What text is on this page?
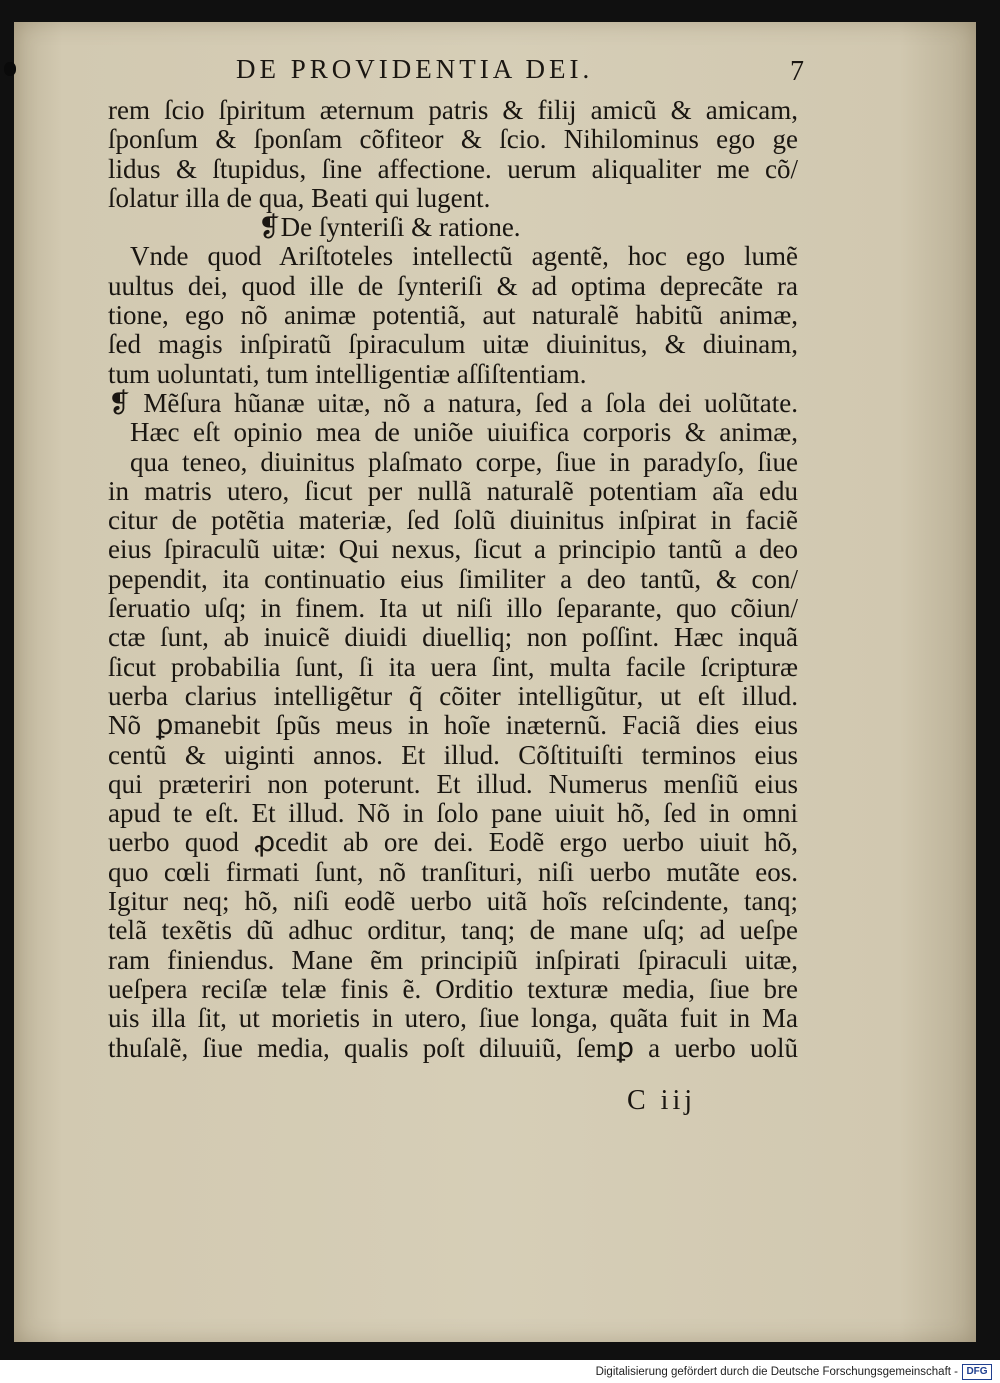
DE PROVIDENTIA DEI.	7
rem ſcio ſpiritum æternum patris & filij amicũ & amicam,
ſponſum & ſponſam cõfiteor & ſcio. Nihilominus ego ge
lidus & ſtupidus, ſine affectione. uerum aliqualiter me cõ/
ſolatur illa de qua, Beati qui lugent.
❡De ſynteriſi & ratione.
Vnde quod Ariſtoteles intellectũ agentẽ, hoc ego lumẽ
uultus dei, quod ille de ſynteriſi & ad optima deprecãte ra
tione, ego nõ animæ potentiã, aut naturalẽ habitũ animæ,
ſed magis inſpiratũ ſpiraculum uitæ diuinitus, & diuinam,
tum uoluntati, tum intelligentiæ aſſiſtentiam.
❡ Mẽſura hũanæ uitæ, nõ a natura, ſed a ſola dei uolũtate.
Hæc eſt opinio mea de uniõe uiuifica corporis & animæ,
qua teneo, diuinitus plaſmato corpe, ſiue in paradyſo, ſiue
in matris utero, ſicut per nullã naturalẽ potentiam aĩa edu
citur de potẽtia materiæ, ſed ſolũ diuinitus inſpirat in faciẽ
eius ſpiraculũ uitæ: Qui nexus, ſicut a principio tantũ a deo
pependit, ita continuatio eius ſimiliter a deo tantũ, & con/
ſeruatio uſq; in finem. Ita ut niſi illo ſeparante, quo cõiun/
ctæ ſunt, ab inuicẽ diuidi diuelliq; non poſſint. Hæc inquã
ſicut probabilia ſunt, ſi ita uera ſint, multa facile ſcripturæ
uerba clarius intelligẽtur q̃ cõiter intelligũtur, ut eſt illud.
Nõ ꝑmanebit ſpũs meus in hoĩe inæternũ. Faciã dies eius
centũ & uiginti annos. Et illud. Cõſtituiſti terminos eius
qui præteriri non poterunt. Et illud. Numerus menſiũ eius
apud te eſt. Et illud. Nõ in ſolo pane uiuit hõ, ſed in omni
uerbo quod ꝓcedit ab ore dei. Eodẽ ergo uerbo uiuit hõ,
quo cœli firmati ſunt, nõ tranſituri, niſi uerbo mutãte eos.
Igitur neq; hõ, niſi eodẽ uerbo uitã hoĩs reſcindente, tanq;
telã texẽtis dũ adhuc orditur, tanq; de mane uſq; ad ueſpe
ram finiendus. Mane ẽm principiũ inſpirati ſpiraculi uitæ,
ueſpera reciſæ telæ finis ẽ. Orditio texturæ media, ſiue bre
uis illa ſit, ut morietis in utero, ſiue longa, quãta fuit in Ma
thuſalẽ, ſiue media, qualis poſt diluuiũ, ſemꝑ a uerbo uolũ
C iij
Digitalisierung gefördert durch die Deutsche Forschungsgemeinschaft - DFG
